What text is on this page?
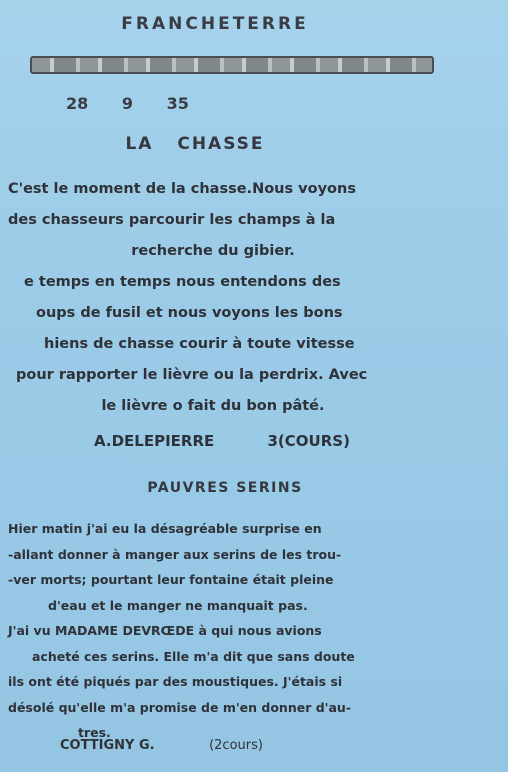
FRANCHETERRE
28 9 35
LA CHASSE
C'est le moment de la chasse.Nous voyons
des chasseurs parcourir les champs à la
recherche du gibier.
e temps en temps nous entendons des
oups de fusil et nous voyons les bons
hiens de chasse courir à toute vitesse
pour rapporter le lièvre ou la perdrix. Avec
le lièvre o fait du bon pâté.
A.DELEPIERRE	3(COURS)
PAUVRES SERINS
Hier matin j'ai eu la désagréable surprise en
-allant donner à manger aux serins de les trou-
-ver morts; pourtant leur fontaine était pleine
d'eau et le manger ne manquait pas.
J'ai vu MADAME DEVRŒDE à qui nous avions
acheté ces serins. Elle m'a dit que sans doute
ils ont été piqués par des moustiques. J'étais si
désolé qu'elle m'a promise de m'en donner d'au-
tres.
COTTIGNY G.	(2cours)
